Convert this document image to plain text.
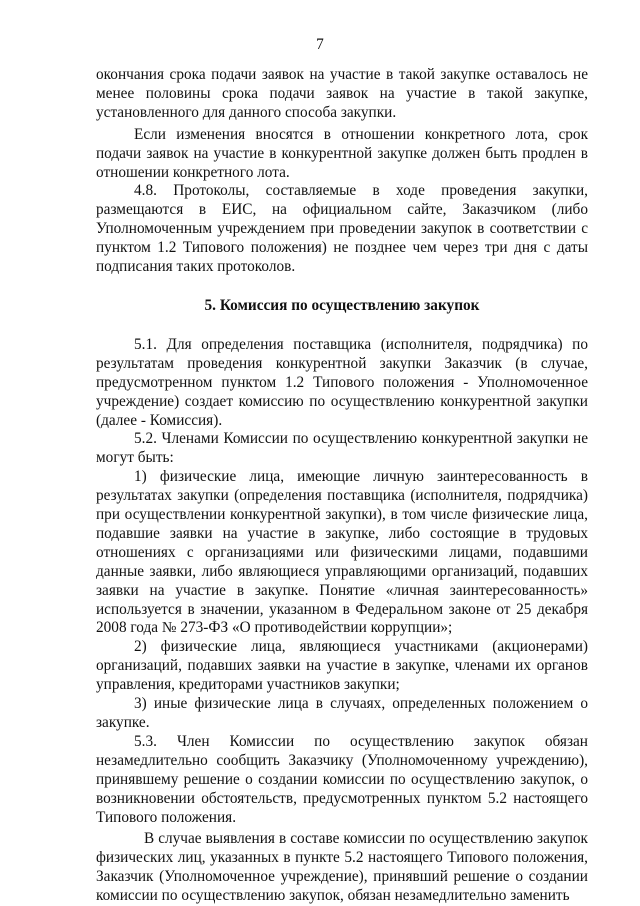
7

окончания срока подачи заявок на участие в такой закупке оставалось не менее половины срока подачи заявок на участие в такой закупке, установленного для данного способа закупки.

Если изменения вносятся в отношении конкретного лота, срок подачи заявок на участие в конкурентной закупке должен быть продлен в отношении конкретного лота.

4.8. Протоколы, составляемые в ходе проведения закупки, размещаются в ЕИС, на официальном сайте, Заказчиком (либо Уполномоченным учреждением при проведении закупок в соответствии с пунктом 1.2 Типового положения) не позднее чем через три дня с даты подписания таких протоколов.

5. Комиссия по осуществлению закупок

5.1. Для определения поставщика (исполнителя, подрядчика) по результатам проведения конкурентной закупки Заказчик (в случае, предусмотренном пунктом 1.2 Типового положения - Уполномоченное учреждение) создает комиссию по осуществлению конкурентной закупки (далее - Комиссия).

5.2. Членами Комиссии по осуществлению конкурентной закупки не могут быть:

1) физические лица, имеющие личную заинтересованность в результатах закупки (определения поставщика (исполнителя, подрядчика) при осуществлении конкурентной закупки), в том числе физические лица, подавшие заявки на участие в закупке, либо состоящие в трудовых отношениях с организациями или физическими лицами, подавшими данные заявки, либо являющиеся управляющими организаций, подавших заявки на участие в закупке. Понятие «личная заинтересованность» используется в значении, указанном в Федеральном законе от 25 декабря 2008 года № 273-ФЗ «О противодействии коррупции»;

2) физические лица, являющиеся участниками (акционерами) организаций, подавших заявки на участие в закупке, членами их органов управления, кредиторами участников закупки;

3) иные физические лица в случаях, определенных положением о закупке.

5.3. Член Комиссии по осуществлению закупок обязан незамедлительно сообщить Заказчику (Уполномоченному учреждению), принявшему решение о создании комиссии по осуществлению закупок, о возникновении обстоятельств, предусмотренных пунктом 5.2 настоящего Типового положения.

В случае выявления в составе комиссии по осуществлению закупок физических лиц, указанных в пункте 5.2 настоящего Типового положения, Заказчик (Уполномоченное учреждение), принявший решение о создании комиссии по осуществлению закупок, обязан незамедлительно заменить
